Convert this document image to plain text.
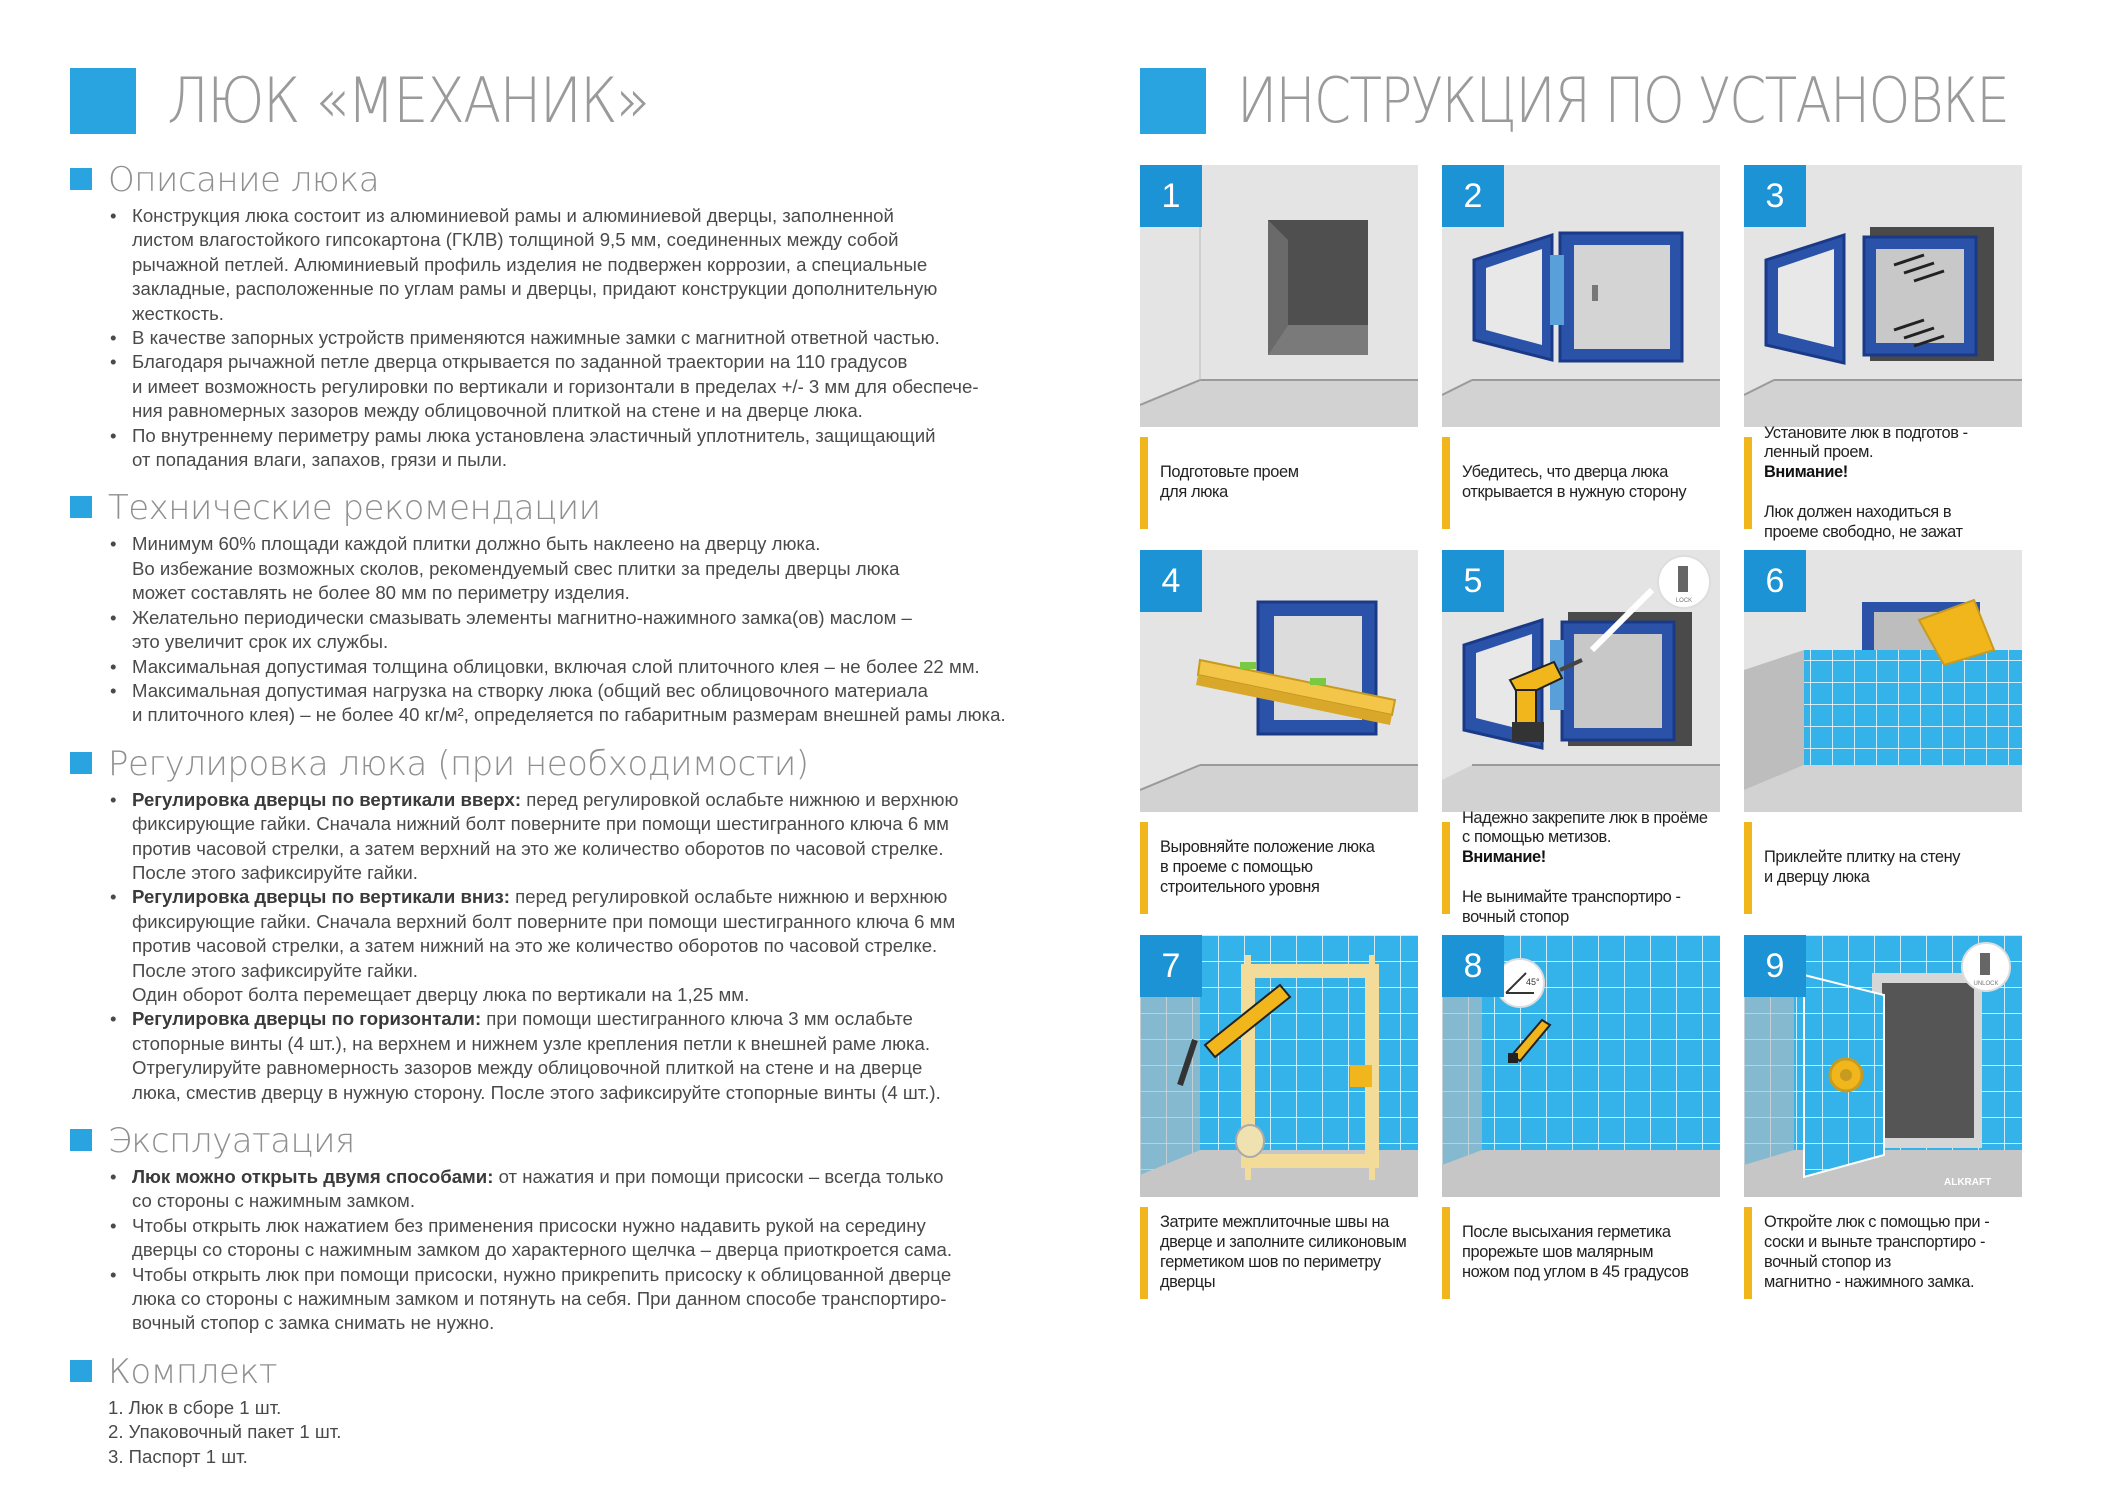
ЛЮК «МЕХАНИК»	ИНСТРУКЦИЯ ПО УСТАНОВКЕ
Описание люка
• Конструкция люка состоит из алюминиевой рамы и алюминиевой дверцы, заполненной
листом влагостойкого гипсокартона (ГКЛВ) толщиной 9,5 мм, соединенных между собой
рычажной петлей. Алюминиевый профиль изделия не подвержен коррозии, а специальные
закладные, расположенные по углам рамы и дверцы, придают конструкции дополнительную
жесткость.
• В качестве запорных устройств применяются нажимные замки с магнитной ответной частью.
• Благодаря рычажной петле дверца открывается по заданной траектории на 110 градусов
и имеет возможность регулировки по вертикали и горизонтали в пределах +/- 3 мм для обеспече-
ния равномерных зазоров между облицовочной плиткой на стене и на дверце люка.
• По внутреннему периметру рамы люка установлена эластичный уплотнитель, защищающий
от попадания влаги, запахов, грязи и пыли.
Технические рекомендации
• Минимум 60% площади каждой плитки должно быть наклеено на дверцу люка.
Во избежание возможных сколов, рекомендуемый свес плитки за пределы дверцы люка
может составлять не более 80 мм по периметру изделия.
• Желательно периодически смазывать элементы магнитно-нажимного замка(ов) маслом –
это увеличит срок их службы.
• Максимальная допустимая толщина облицовки, включая слой плиточного клея – не более 22 мм.
• Максимальная допустимая нагрузка на створку люка (общий вес облицовочного материала
и плиточного клея) – не более 40 кг/м², определяется по габаритным размерам внешней рамы люка.
Регулировка люка (при необходимости)
• Регулировка дверцы по вертикали вверх: перед регулировкой ослабьте нижнюю и верхнюю
фиксирующие гайки. Сначала нижний болт поверните при помощи шестигранного ключа 6 мм
против часовой стрелки, а затем верхний на это же количество оборотов по часовой стрелке.
После этого зафиксируйте гайки.
• Регулировка дверцы по вертикали вниз: перед регулировкой ослабьте нижнюю и верхнюю
фиксирующие гайки. Сначала верхний болт поверните при помощи шестигранного ключа 6 мм
против часовой стрелки, а затем нижний на это же количество оборотов по часовой стрелке.
После этого зафиксируйте гайки.
Один оборот болта перемещает дверцу люка по вертикали на 1,25 мм.
• Регулировка дверцы по горизонтали: при помощи шестигранного ключа 3 мм ослабьте
стопорные винты (4 шт.), на верхнем и нижнем узле крепления петли к внешней раме люка.
Отрегулируйте равномерность зазоров между облицовочной плиткой на стене и на дверце
люка, сместив дверцу в нужную сторону. После этого зафиксируйте стопорные винты (4 шт.).
Эксплуатация
• Люк можно открыть двумя способами: от нажатия и при помощи присоски – всегда только
со стороны с нажимным замком.
• Чтобы открыть люк нажатием без применения присоски нужно надавить рукой на середину
дверцы со стороны с нажимным замком до характерного щелчка – дверца приоткроется сама.
• Чтобы открыть люк при помощи присоски, нужно прикрепить присоску к облицованной дверце
люка со стороны с нажимным замком и потянуть на себя. При данном способе транспортиро-
вочный стопор с замка снимать не нужно.
Комплект
1. Люк в сборе 1 шт.
2. Упаковочный пакет 1 шт.
3. Паспорт 1 шт.
1
Подготовьте проем
для люка
2
Убедитесь, что дверца люка
открывается в нужную сторону
3
Установите люк в подготов -
ленный проем.
Внимание!

Люк должен находиться в
проеме свободно, не зажат
4
Выровняйте положение люка
в проеме с помощью
строительного уровня
LOCK
5
Надежно закрепите люк в проёме
с помощью метизов.
Внимание!

Не вынимайте транспортиро -
вочный стопор
6
Приклейте плитку на стену
и дверцу люка
7
Затрите межплиточные швы на
дверце и заполните силиконовым
герметиком шов по периметру
дверцы
45°
8
После высыхания герметика
прорежьте шов малярным
ножом под углом в 45 градусов
UNLOCK
ALKRAFT
9
Откройте люк с помощью при -
соски и выньте транспортиро -
вочный стопор из
магнитно - нажимного замка.
